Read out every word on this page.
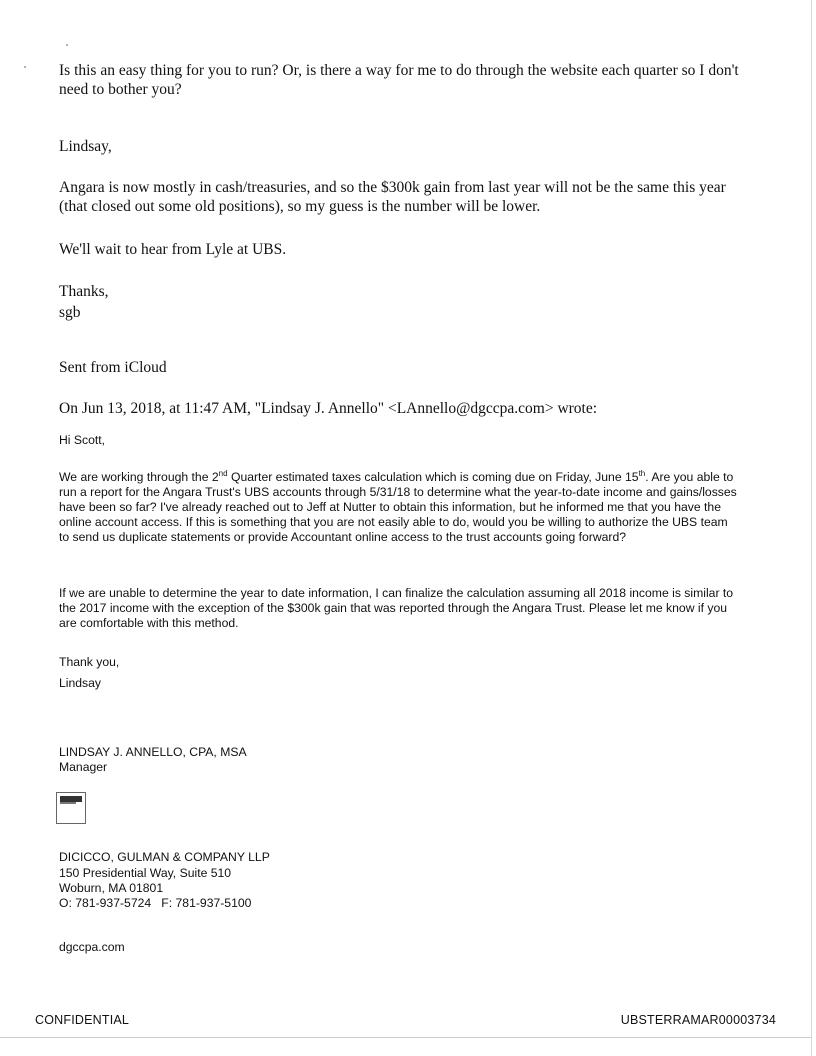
Is this an easy thing for you to run? Or, is there a way for me to do through the website each quarter so I don't need to bother you?

Lindsay,

Angara is now mostly in cash/treasuries, and so the $300k gain from last year will not be the same this year (that closed out some old positions), so my guess is the number will be lower.

We'll wait to hear from Lyle at UBS.

Thanks,

sgb

Sent from iCloud

On Jun 13, 2018, at 11:47 AM, "Lindsay J. Annello" <LAnnello@dgccpa.com> wrote:

Hi Scott,

We are working through the 2nd Quarter estimated taxes calculation which is coming due on Friday, June 15th. Are you able to run a report for the Angara Trust's UBS accounts through 5/31/18 to determine what the year-to-date income and gains/losses have been so far? I've already reached out to Jeff at Nutter to obtain this information, but he informed me that you have the online account access. If this is something that you are not easily able to do, would you be willing to authorize the UBS team to send us duplicate statements or provide Accountant online access to the trust accounts going forward?

If we are unable to determine the year to date information, I can finalize the calculation assuming all 2018 income is similar to the 2017 income with the exception of the $300k gain that was reported through the Angara Trust. Please let me know if you are comfortable with this method.

Thank you,

Lindsay

LINDSAY J. ANNELLO, CPA, MSA

Manager

DICICCO, GULMAN & COMPANY LLP

150 Presidential Way, Suite 510

Woburn, MA 01801

O: 781-937-5724   F: 781-937-5100

dgccpa.com

CONFIDENTIAL	UBSTERRAMAR00003734
